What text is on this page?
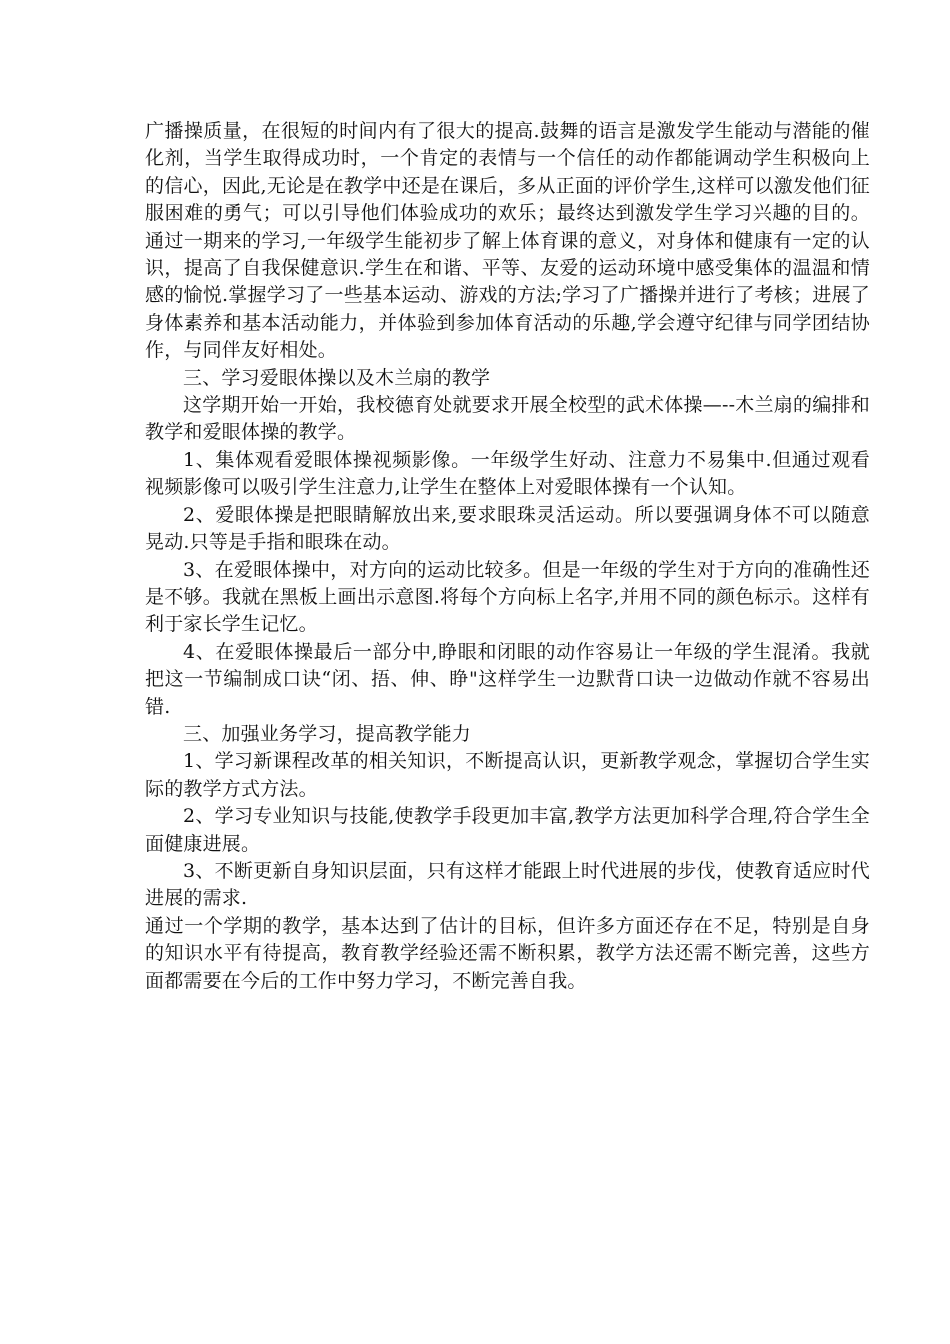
广播操质量，在很短的时间内有了很大的提高.鼓舞的语言是激发学生能动与潜能的催化剂，当学生取得成功时，一个肯定的表情与一个信任的动作都能调动学生积极向上的信心，因此,无论是在教学中还是在课后，多从正面的评价学生,这样可以激发他们征服困难的勇气；可以引导他们体验成功的欢乐；最终达到激发学生学习兴趣的目的。通过一期来的学习,一年级学生能初步了解上体育课的意义，对身体和健康有一定的认识，提高了自我保健意识.学生在和谐、平等、友爱的运动环境中感受集体的温温和情感的愉悦.掌握学习了一些基本运动、游戏的方法;学习了广播操并进行了考核；进展了身体素养和基本活动能力，并体验到参加体育活动的乐趣,学会遵守纪律与同学团结协作，与同伴友好相处。

三、学习爱眼体操以及木兰扇的教学

这学期开始一开始，我校德育处就要求开展全校型的武术体操—--木兰扇的编排和教学和爱眼体操的教学。

1、集体观看爱眼体操视频影像。一年级学生好动、注意力不易集中.但通过观看视频影像可以吸引学生注意力,让学生在整体上对爱眼体操有一个认知。

2、爱眼体操是把眼睛解放出来,要求眼珠灵活运动。所以要强调身体不可以随意晃动.只等是手指和眼珠在动。

3、在爱眼体操中，对方向的运动比较多。但是一年级的学生对于方向的准确性还是不够。我就在黑板上画出示意图.将每个方向标上名字,并用不同的颜色标示。这样有利于家长学生记忆。

4、在爱眼体操最后一部分中,睁眼和闭眼的动作容易让一年级的学生混淆。我就把这一节编制成口诀“闭、捂、伸、睁"这样学生一边默背口诀一边做动作就不容易出错.

三、加强业务学习，提高教学能力

1、学习新课程改革的相关知识，不断提高认识，更新教学观念，掌握切合学生实际的教学方式方法。

2、学习专业知识与技能,使教学手段更加丰富,教学方法更加科学合理,符合学生全面健康进展。

3、不断更新自身知识层面，只有这样才能跟上时代进展的步伐，使教育适应时代进展的需求.

通过一个学期的教学，基本达到了估计的目标，但许多方面还存在不足，特别是自身的知识水平有待提高，教育教学经验还需不断积累，教学方法还需不断完善，这些方面都需要在今后的工作中努力学习，不断完善自我。
